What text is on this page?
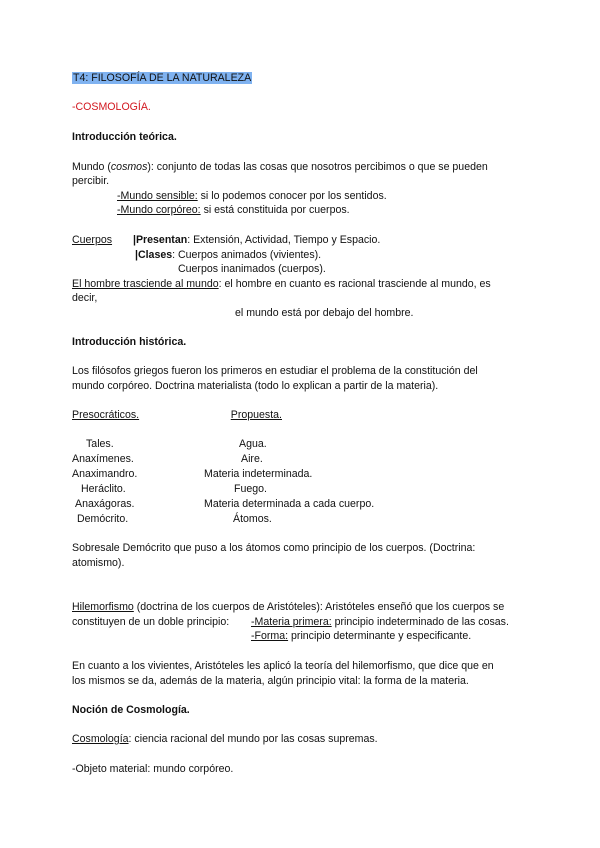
T4: FILOSOFÍA DE LA NATURALEZA
-COSMOLOGÍA.
Introducción teórica.
Mundo (cosmos): conjunto de todas las cosas que nosotros percibimos o que se pueden
percibir.
-Mundo sensible: si lo podemos conocer por los sentidos.
-Mundo corpóreo: si está constituida por cuerpos.
Cuerpos |Presentan: Extensión, Actividad, Tiempo y Espacio.
|Clases: Cuerpos animados (vivientes).
Cuerpos inanimados (cuerpos).
El hombre trasciende al mundo: el hombre en cuanto es racional trasciende al mundo, es
decir,
el mundo está por debajo del hombre.
Introducción histórica.
Los filósofos griegos fueron los primeros en estudiar el problema de la constitución del
mundo corpóreo. Doctrina materialista (todo lo explican a partir de la materia).
Presocráticos.	Propuesta.
Tales.	Agua.
Anaxímenes.	Aire.
Anaximandro.	Materia indeterminada.
Heráclito.	Fuego.
Anaxágoras.	Materia determinada a cada cuerpo.
Demócrito.	Átomos.
Sobresale Demócrito que puso a los átomos como principio de los cuerpos. (Doctrina:
atomismo).
Hilemorfismo (doctrina de los cuerpos de Aristóteles): Aristóteles enseñó que los cuerpos se
constituyen de un doble principio: -Materia primera: principio indeterminado de las cosas.
-Forma: principio determinante y especificante.
En cuanto a los vivientes, Aristóteles les aplicó la teoría del hilemorfismo, que dice que en
los mismos se da, además de la materia, algún principio vital: la forma de la materia.
Noción de Cosmología.
Cosmología: ciencia racional del mundo por las cosas supremas.
-Objeto material: mundo corpóreo.
